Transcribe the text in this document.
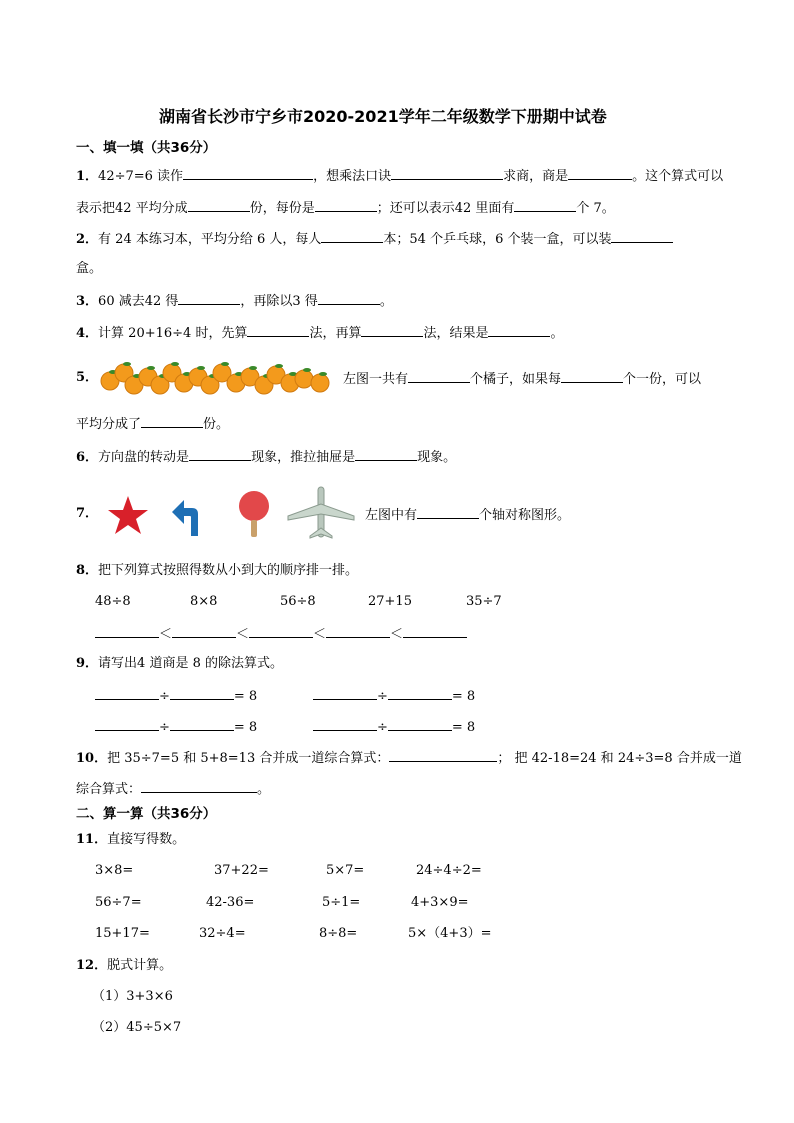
湖南省长沙市宁乡市2020-2021学年二年级数学下册期中试卷
一、填一填（共36分）
1．42÷7=6 读作	，想乘法口诀	求商，商是	。这个算式可以
表示把42 平均分成	份，每份是	；还可以表示42 里面有	个 7。
2．有 24 本练习本，平均分给 6 人，每人	本；54 个乒乓球，6 个装一盒，可以装
盒。
3．60 减去42 得	，再除以3 得	。
4．计算 20+16÷4 时，先算	法，再算	法，结果是	。
5．	左图一共有	个橘子，如果每	个一份，可以
平均分成了	份。
6．方向盘的转动是	现象，推拉抽屉是	现象。
7．	左图中有	个轴对称图形。
8．把下列算式按照得数从小到大的顺序排一排。
48÷8	8×8	56÷8	27+15	35÷7
＜	＜	＜	＜
9．请写出4 道商是 8 的除法算式。
÷	= 8	÷	= 8
÷	= 8	÷	= 8
10．把 35÷7=5 和 5+8=13 合并成一道综合算式：	； 把 42-18=24 和 24÷3=8 合并成一道
综合算式：	。
二、算一算（共36分）
11．直接写得数。
3×8=	37+22=	5×7=	24÷4÷2=
56÷7=	42-36=	5÷1=	4+3×9=
15+17=	32÷4=	8÷8=	5×（4+3）=
12．脱式计算。
（1）3+3×6
（2）45÷5×7
